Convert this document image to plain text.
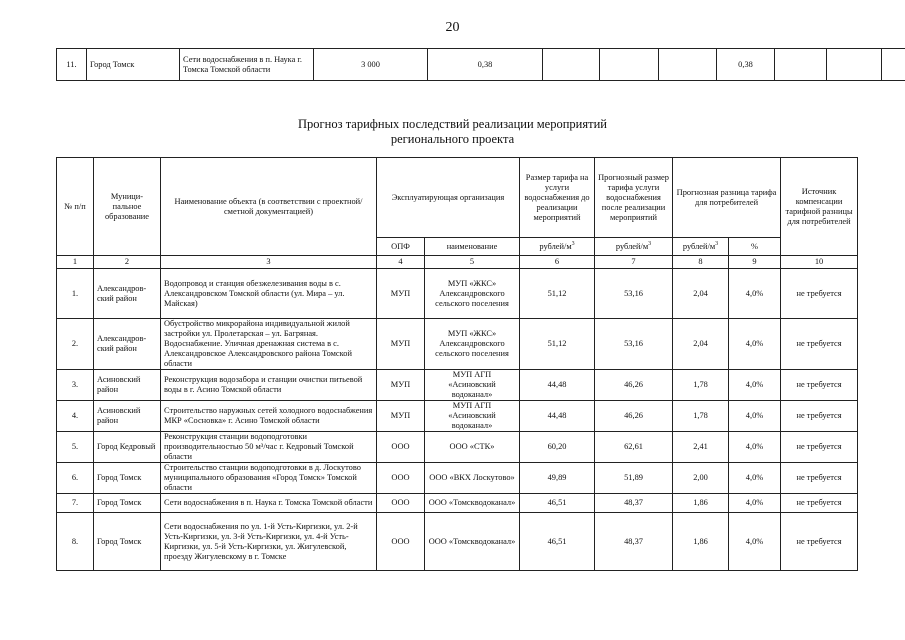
20
11.	Город Томск	Сети водоснабжения в п. Наука г. Томска Томской области	3 000	0,38				0,38			
Прогноз тарифных последствий реализации мероприятий
регионального проекта
№ п/п	Муници-пальное образование	Наименование объекта (в соответствии с проектной/сметной документацией)	Эксплуатирующая организация		Размер тарифа на услуги водоснабжения до реализации мероприятий	Прогнозный размер тарифа услуги водоснабжения после реализации мероприятий	Прогнозная разница тарифа для потребителей		Источник компенсации тарифной разницы для потребителей
			ОПФ	наименование	рублей/$м^3$	рублей/$м^3$	рублей/$м^3$	%	
1	2	3	4	5	6	7	8	9	10
1.	Александров-ский район	Водопровод и станция обезжелезивания воды в с. Александровском Томской области (ул. Мира – ул. Майская)	МУП	МУП «ЖКС» Александровского сельского поселения	51,12	53,16	2,04	4,0%	не требуется
2.	Александров-ский район	Обустройство микрорайона индивидуальной жилой застройки ул. Пролетарская – ул. Багряная. Водоснабжение. Уличная дренажная система в с. Александровское Александровского района Томской области	МУП	МУП «ЖКС» Александровского сельского поселения	51,12	53,16	2,04	4,0%	не требуется
3.	Асиновский район	Реконструкция водозабора и станции очистки питьевой воды в г. Асино Томской области	МУП	МУП АГП «Асиновский водоканал»	44,48	46,26	1,78	4,0%	не требуется
4.	Асиновский район	Строительство наружных сетей холодного водоснабжения МКР «Сосновка» г. Асино Томской области	МУП	МУП АГП «Асиновский водоканал»	44,48	46,26	1,78	4,0%	не требуется
5.	Город Кедровый	Реконструкция станции водоподготовки производительностью 50 м³/час г. Кедровый Томской области	ООО	ООО «СТК»	60,20	62,61	2,41	4,0%	не требуется
6.	Город Томск	Строительство станции водоподготовки в д. Лоскутово муниципального образования «Город Томск» Томской области	ООО	ООО «ВКХ Лоскутово»	49,89	51,89	2,00	4,0%	не требуется
7.	Город Томск	Сети водоснабжения в п. Наука г. Томска Томской области	ООО	ООО «Томскводоканал»	46,51	48,37	1,86	4,0%	не требуется
8.	Город Томск	Сети водоснабжения по ул. 1-й Усть-Киргизки, ул. 2-й Усть-Киргизки, ул. 3-й Усть-Киргизки, ул. 4-й Усть-Киргизки, ул. 5-й Усть-Киргизки, ул. Жигулевской, проезду Жигулевскому в г. Томске	ООО	ООО «Томскводоканал»	46,51	48,37	1,86	4,0%	не требуется
